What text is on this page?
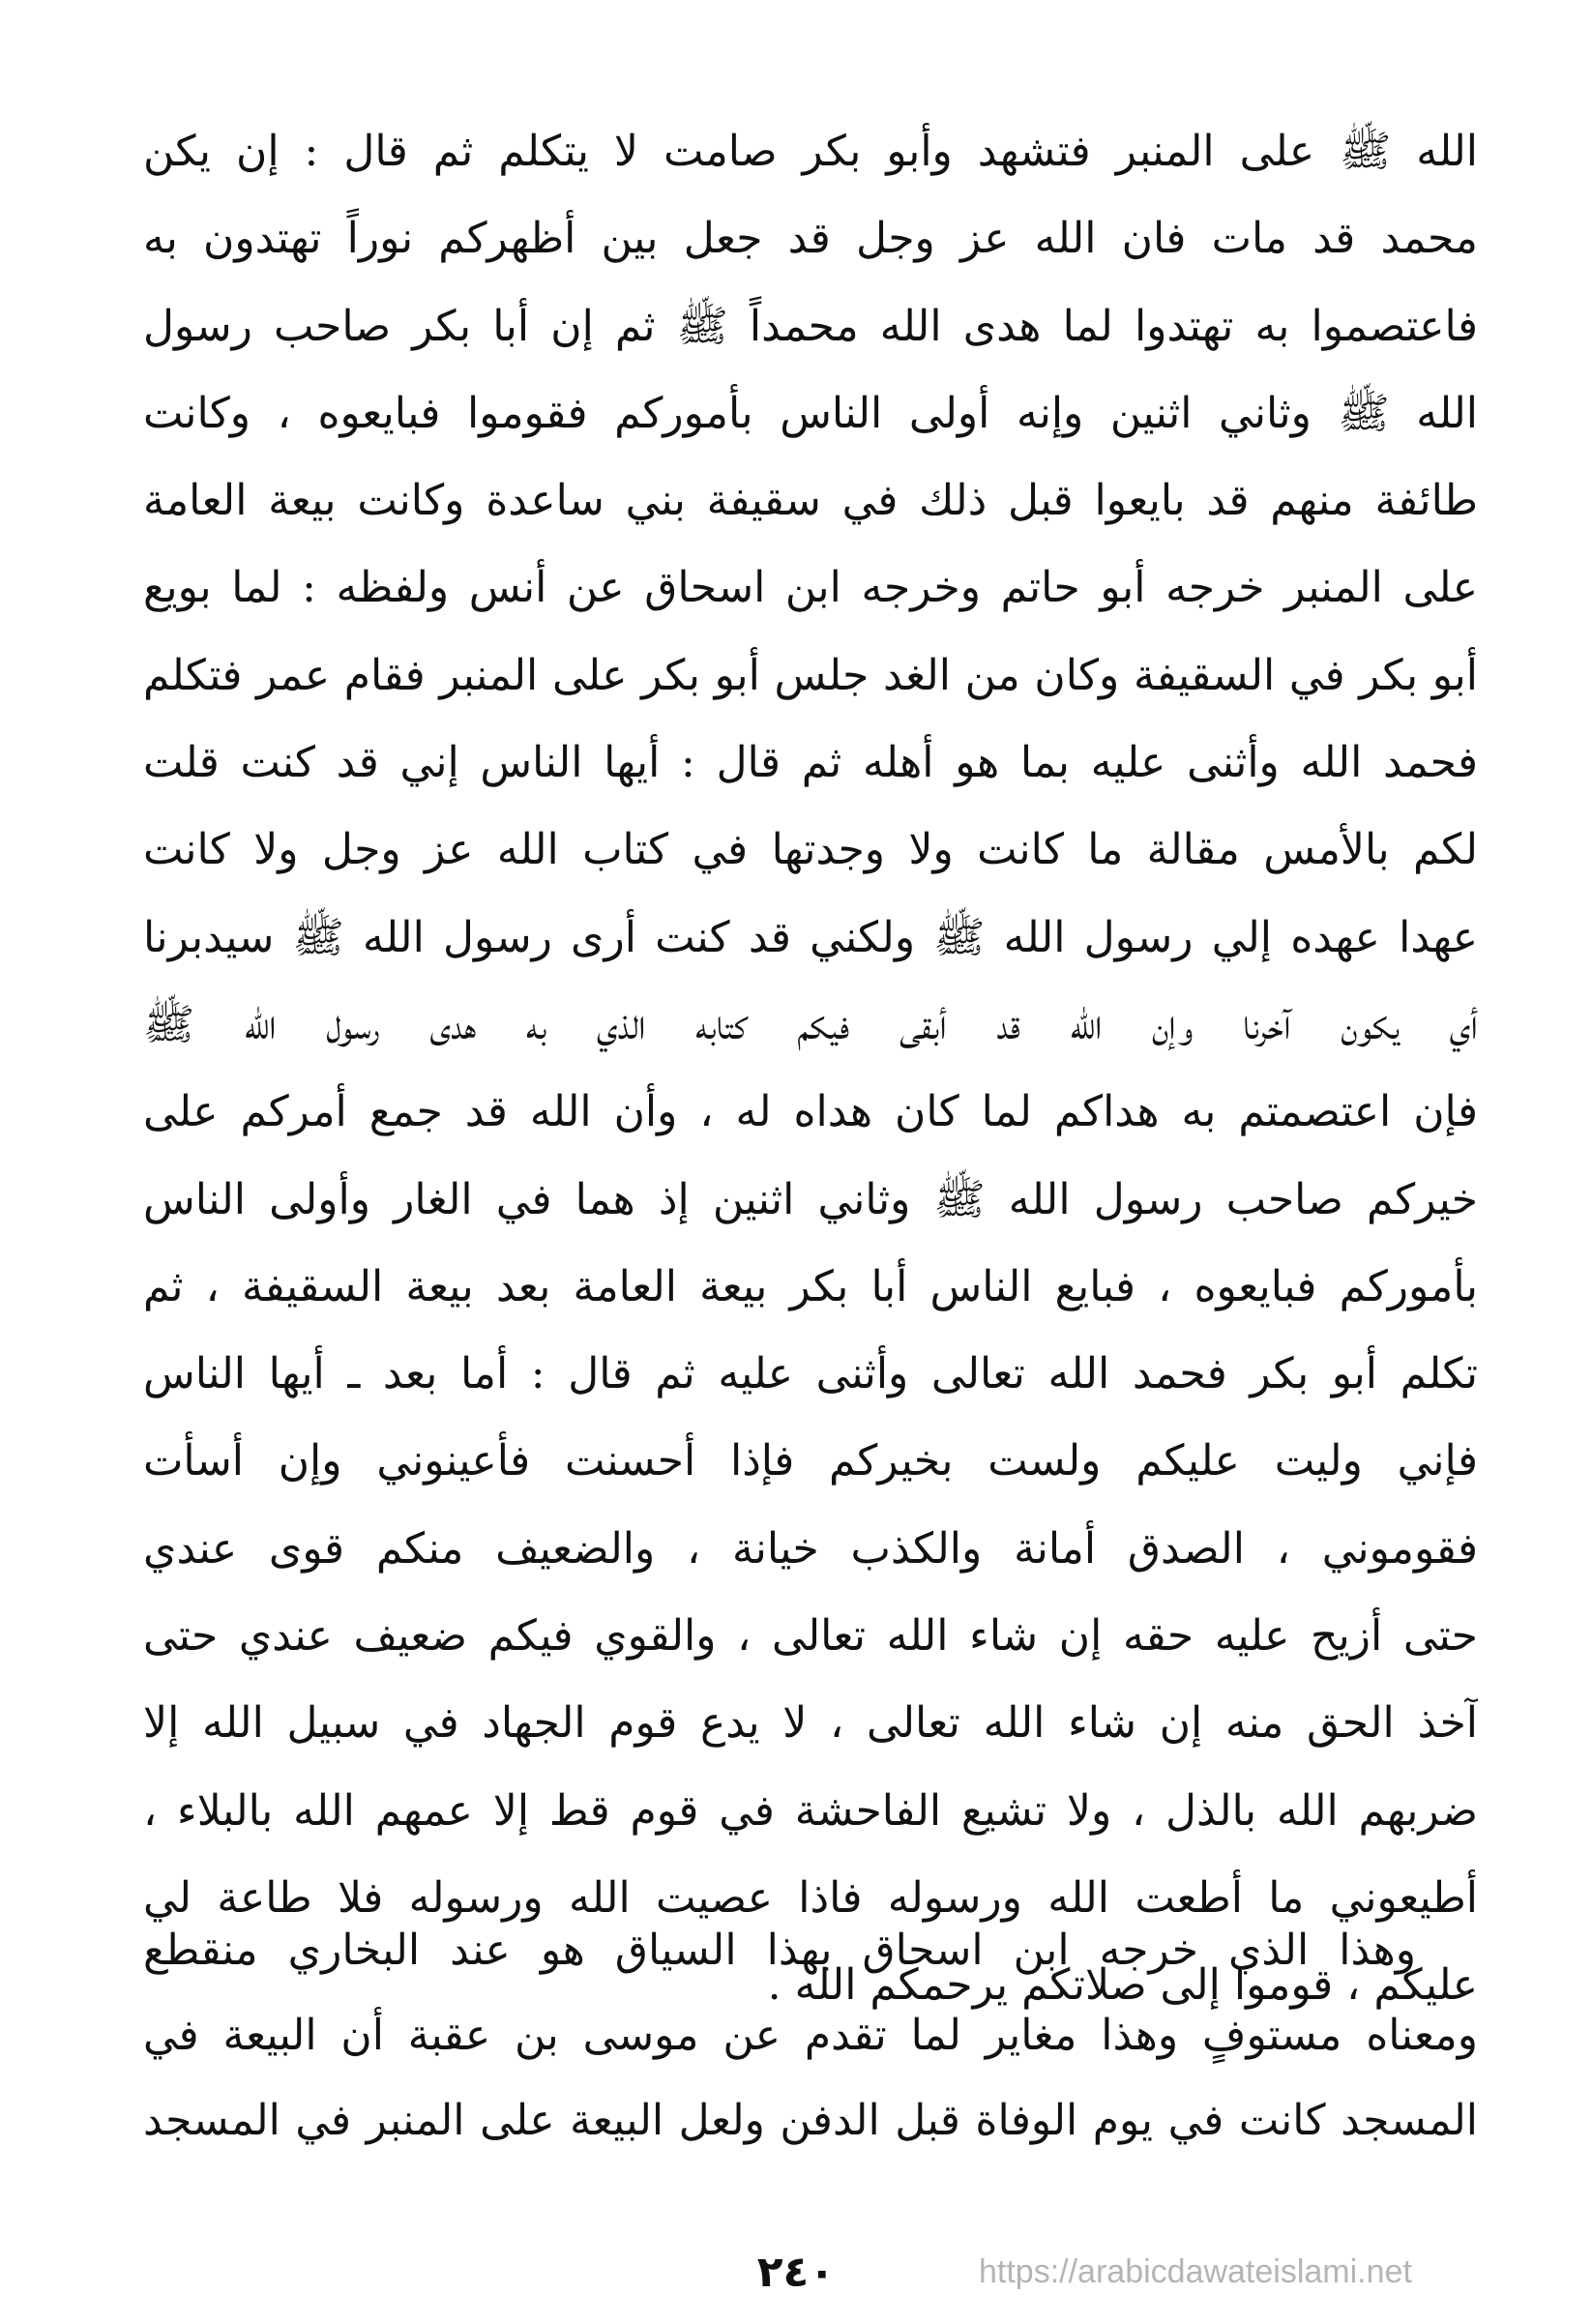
الله ﷺ على المنبر فتشهد وأبو بكر صامت لا يتكلم ثم قال : إن يكن
محمد قد مات فان الله عز وجل قد جعل بين أظهركم نوراً تهتدون به
فاعتصموا به تهتدوا لما هدى الله محمداً ﷺ ثم إن أبا بكر صاحب رسول
الله ﷺ وثاني اثنين وإنه أولى الناس بأموركم فقوموا فبايعوه ، وكانت
طائفة منهم قد بايعوا قبل ذلك في سقيفة بني ساعدة وكانت بيعة العامة
على المنبر خرجه أبو حاتم وخرجه ابن اسحاق عن أنس ولفظه : لما بويع
أبو بكر في السقيفة وكان من الغد جلس أبو بكر على المنبر فقام عمر فتكلم
فحمد الله وأثنى عليه بما هو أهله ثم قال : أيها الناس إني قد كنت قلت
لكم بالأمس مقالة ما كانت ولا وجدتها في كتاب الله عز وجل ولا كانت
عهدا عهده إلي رسول الله ﷺ ولكني قد كنت أرى رسول الله ﷺ سيدبرنا
أي يكون آخرنا وإن الله قد أبقى فيكم كتابه الذي به هدى رسول الله ﷺ
فإن اعتصمتم به هداكم لما كان هداه له ، وأن الله قد جمع أمركم على
خيركم صاحب رسول الله ﷺ وثاني اثنين إذ هما في الغار وأولى الناس
بأموركم فبايعوه ، فبايع الناس أبا بكر بيعة العامة بعد بيعة السقيفة ، ثم
تكلم أبو بكر فحمد الله تعالى وأثنى عليه ثم قال : أما بعد ـ أيها الناس
فإني وليت عليكم ولست بخيركم فإذا أحسنت فأعينوني وإن أسأت
فقوموني ، الصدق أمانة والكذب خيانة ، والضعيف منكم قوى عندي
حتى أزيح عليه حقه إن شاء الله تعالى ، والقوي فيكم ضعيف عندي حتى
آخذ الحق منه إن شاء الله تعالى ، لا يدع قوم الجهاد في سبيل الله إلا
ضربهم الله بالذل ، ولا تشيع الفاحشة في قوم قط إلا عمهم الله بالبلاء ،
أطيعوني ما أطعت الله ورسوله فاذا عصيت الله ورسوله فلا طاعة لي
عليكم ، قوموا إلى صلاتكم يرحمكم الله .
وهذا الذي خرجه ابن اسحاق بهذا السياق هو عند البخاري منقطع
ومعناه مستوفٍ وهذا مغاير لما تقدم عن موسى بن عقبة أن البيعة في
المسجد كانت في يوم الوفاة قبل الدفن ولعل البيعة على المنبر في المسجد
٢٤٠	https://arabicdawateislami.net
